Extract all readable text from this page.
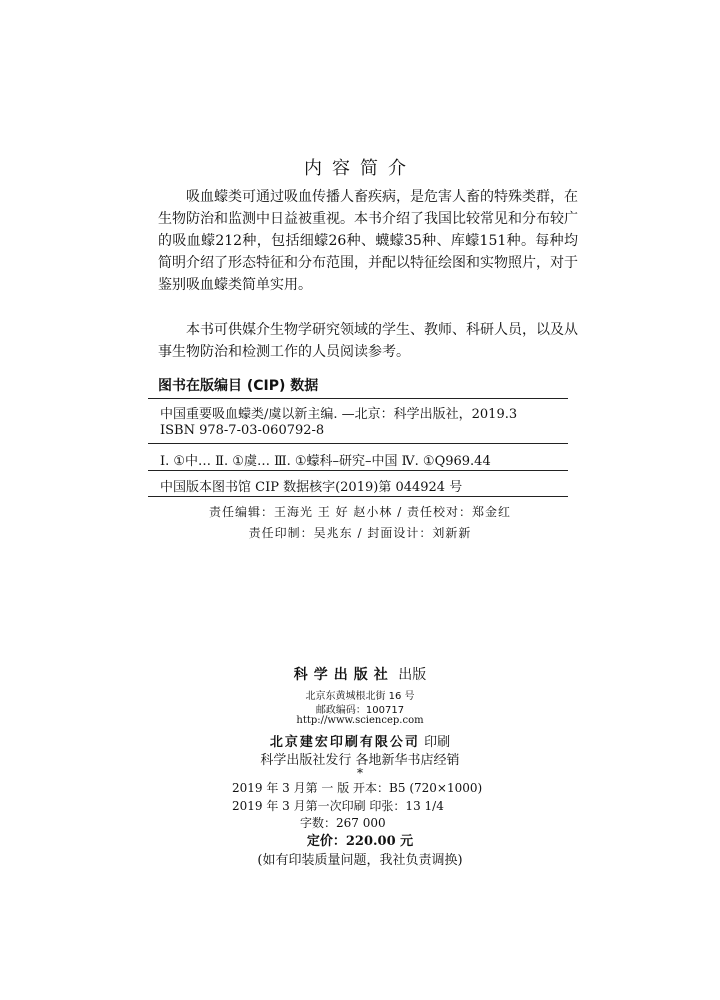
内容简介

吸血蠓类可通过吸血传播人畜疾病，是危害人畜的特殊类群，在生物防治和监测中日益被重视。本书介绍了我国比较常见和分布较广的吸血蠓212种，包括细蠓26种、蠛蠓35种、库蠓151种。每种均简明介绍了形态特征和分布范围，并配以特征绘图和实物照片，对于鉴别吸血蠓类简单实用。

本书可供媒介生物学研究领域的学生、教师、科研人员，以及从事生物防治和检测工作的人员阅读参考。

图书在版编目 (CIP) 数据
中国重要吸血蠓类/虞以新主编. —北京：科学出版社，2019.3
ISBN 978-7-03-060792-8
Ⅰ. ①中… Ⅱ. ①虞… Ⅲ. ①蠓科–研究–中国 Ⅳ. ①Q969.44
中国版本图书馆 CIP 数据核字(2019)第 044924 号
责任编辑：王海光 王 好 赵小林 / 责任校对：郑金红
责任印制：吴兆东 / 封面设计：刘新新
科学出版社 出版
北京东黄城根北街 16 号
邮政编码：100717
http://www.sciencep.com
北京建宏印刷有限公司 印刷
科学出版社发行 各地新华书店经销
*
2019 年 3 月第 一 版 开本：B5 (720×1000)
2019 年 3 月第一次印刷 印张：13 1/4
字数：267 000
定价：220.00 元
(如有印装质量问题，我社负责调换)
